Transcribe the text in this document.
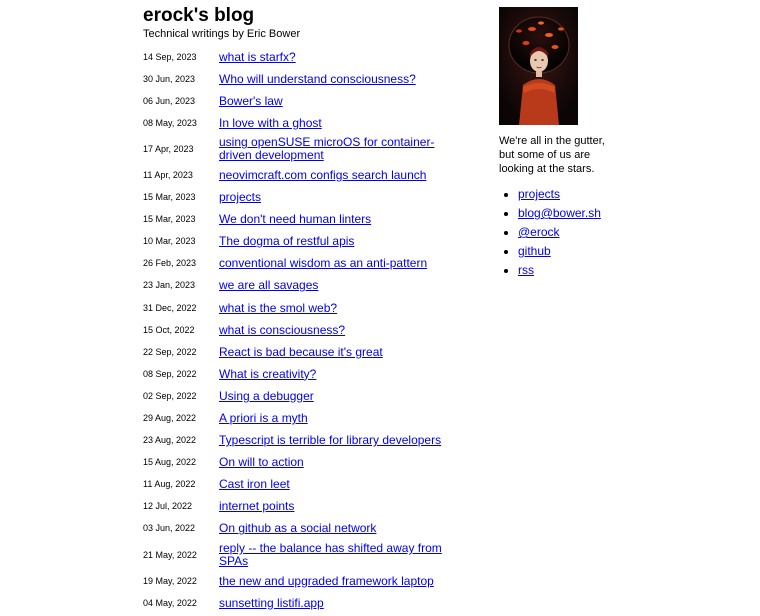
erock's blog
Technical writings by Eric Bower
14 Sep, 2023	what is starfx?
30 Jun, 2023	Who will understand consciousness?
06 Jun, 2023	Bower's law
08 May, 2023	In love with a ghost
17 Apr, 2023	using openSUSE microOS for container-driven development
11 Apr, 2023	neovimcraft.com configs search launch
15 Mar, 2023	projects
15 Mar, 2023	We don't need human linters
10 Mar, 2023	The dogma of restful apis
26 Feb, 2023	conventional wisdom as an anti-pattern
23 Jan, 2023	we are all savages
31 Dec, 2022	what is the smol web?
15 Oct, 2022	what is consciousness?
22 Sep, 2022	React is bad because it's great
08 Sep, 2022	What is creativity?
02 Sep, 2022	Using a debugger
29 Aug, 2022	A priori is a myth
23 Aug, 2022	Typescript is terrible for library developers
15 Aug, 2022	On will to action
11 Aug, 2022	Cast iron leet
12 Jul, 2022	internet points
03 Jun, 2022	On github as a social network
21 May, 2022	reply -- the balance has shifted away from SPAs
19 May, 2022	the new and upgraded framework laptop
04 May, 2022	sunsetting listifi.app

We're all in the gutter, but some of us are looking at the stars.

• projects
• blog@bower.sh
• @erock
• github
• rss
